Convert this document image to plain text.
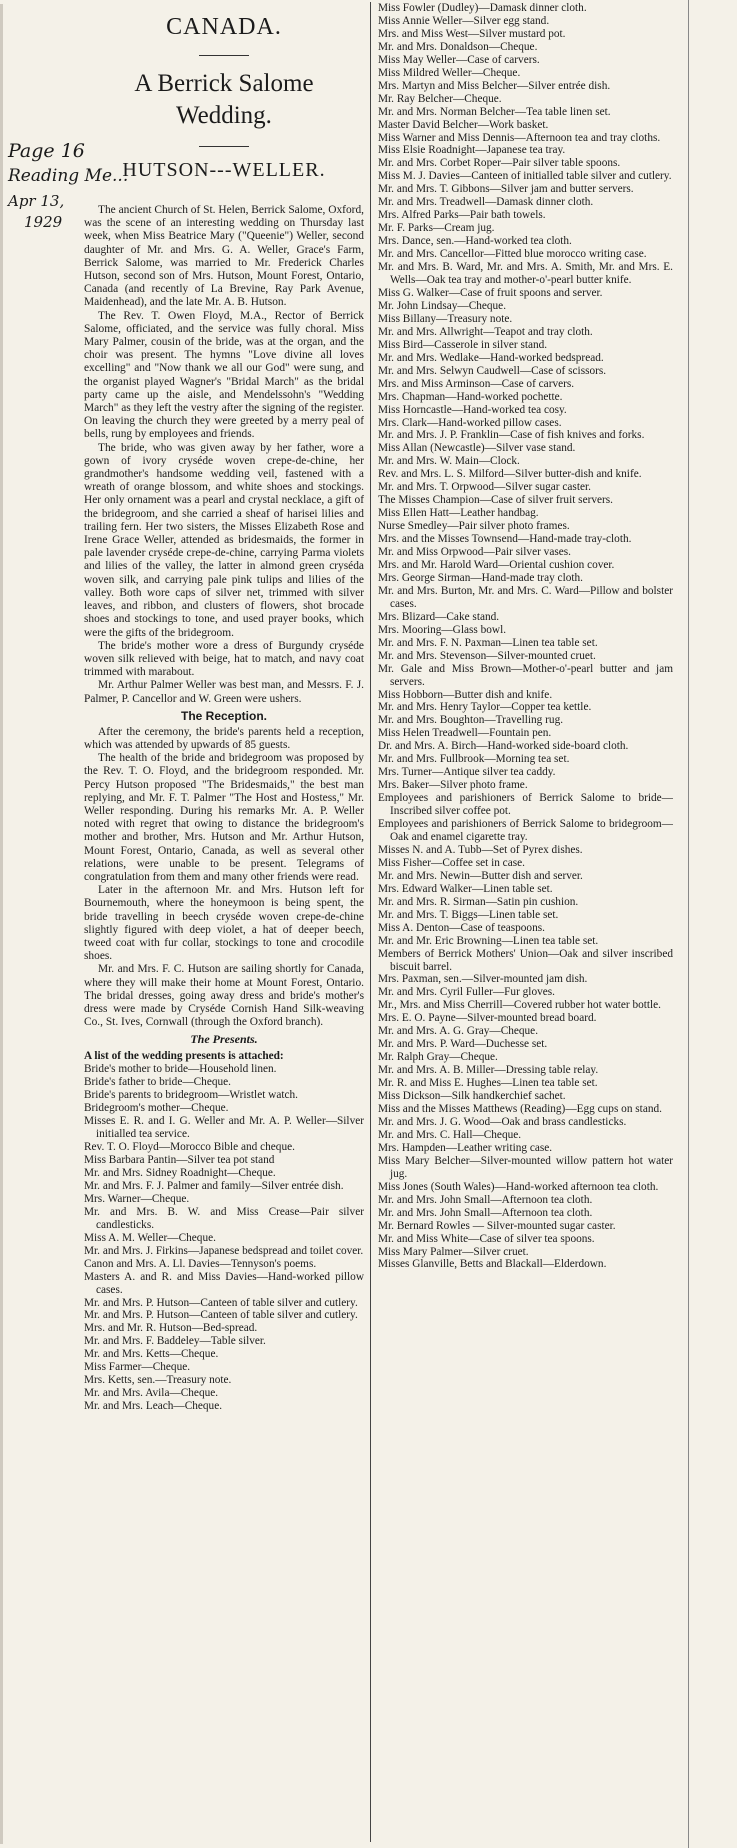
Page 16
Reading Me...
Apr 13,
1929
CANADA.
A Berrick Salome Wedding.
HUTSON---WELLER.

The ancient Church of St. Helen, Berrick Salome, Oxford, was the scene of an interesting wedding on Thursday last week, when Miss Beatrice Mary ("Queenie") Weller, second daughter of Mr. and Mrs. G. A. Weller, Grace's Farm, Berrick Salome, was married to Mr. Frederick Charles Hutson, second son of Mrs. Hutson, Mount Forest, Ontario, Canada (and recently of La Brevine, Ray Park Avenue, Maidenhead), and the late Mr. A. B. Hutson.

The Rev. T. Owen Floyd, M.A., Rector of Berrick Salome, officiated, and the service was fully choral. Miss Mary Palmer, cousin of the bride, was at the organ, and the choir was present. The hymns "Love divine all loves excelling" and "Now thank we all our God" were sung, and the organist played Wagner's "Bridal March" as the bridal party came up the aisle, and Mendelssohn's "Wedding March" as they left the vestry after the signing of the register. On leaving the church they were greeted by a merry peal of bells, rung by employees and friends.

The bride, who was given away by her father, wore a gown of ivory cryséde woven crepe-de-chine, her grandmother's handsome wedding veil, fastened with a wreath of orange blossom, and white shoes and stockings. Her only ornament was a pearl and crystal necklace, a gift of the bridegroom, and she carried a sheaf of harisei lilies and trailing fern. Her two sisters, the Misses Elizabeth Rose and Irene Grace Weller, attended as bridesmaids, the former in pale lavender cryséde crepe-de-chine, carrying Parma violets and lilies of the valley, the latter in almond green cryséda woven silk, and carrying pale pink tulips and lilies of the valley. Both wore caps of silver net, trimmed with silver leaves, and ribbon, and clusters of flowers, shot brocade shoes and stockings to tone, and used prayer books, which were the gifts of the bridegroom.

The bride's mother wore a dress of Burgundy cryséde woven silk relieved with beige, hat to match, and navy coat trimmed with marabout.

Mr. Arthur Palmer Weller was best man, and Messrs. F. J. Palmer, P. Cancellor and W. Green were ushers.

The Reception.

After the ceremony, the bride's parents held a reception, which was attended by upwards of 85 guests.

The health of the bride and bridegroom was proposed by the Rev. T. O. Floyd, and the bridegroom responded. Mr. Percy Hutson proposed "The Bridesmaids," the best man replying, and Mr. F. T. Palmer "The Host and Hostess," Mr. Weller responding. During his remarks Mr. A. P. Weller noted with regret that owing to distance the bridegroom's mother and brother, Mrs. Hutson and Mr. Arthur Hutson, Mount Forest, Ontario, Canada, as well as several other relations, were unable to be present. Telegrams of congratulation from them and many other friends were read.

Later in the afternoon Mr. and Mrs. Hutson left for Bournemouth, where the honeymoon is being spent, the bride travelling in beech cryséde woven crepe-de-chine slightly figured with deep violet, a hat of deeper beech, tweed coat with fur collar, stockings to tone and crocodile shoes.

Mr. and Mrs. F. C. Hutson are sailing shortly for Canada, where they will make their home at Mount Forest, Ontario. The bridal dresses, going away dress and bride's mother's dress were made by Cryséde Cornish Hand Silk-weaving Co., St. Ives, Cornwall (through the Oxford branch).

The Presents.

A list of the wedding presents is attached:

Bride's mother to bride—Household linen.

Bride's father to bride—Cheque.

Bride's parents to bridegroom—Wristlet watch.

Bridegroom's mother—Cheque.

Misses E. R. and I. G. Weller and Mr. A. P. Weller—Silver initialled tea service.

Rev. T. O. Floyd—Morocco Bible and cheque.

Miss Barbara Pantin—Silver tea pot stand

Mr. and Mrs. Sidney Roadnight—Cheque.

Mr. and Mrs. F. J. Palmer and family—Silver entrée dish.

Mrs. Warner—Cheque.

Mr. and Mrs. B. W. and Miss Crease—Pair silver candlesticks.

Miss A. M. Weller—Cheque.

Mr. and Mrs. J. Firkins—Japanese bedspread and toilet cover.

Canon and Mrs. A. Ll. Davies—Tennyson's poems.

Masters A. and R. and Miss Davies—Hand-worked pillow cases.

Mr. and Mrs. P. Hutson—Canteen of table silver and cutlery.

Mr. and Mrs. P. Hutson—Canteen of table silver and cutlery.

Mrs. and Mr. R. Hutson—Bed-spread.

Mr. and Mrs. F. Baddeley—Table silver.

Mr. and Mrs. Ketts—Cheque.

Miss Farmer—Cheque.

Mrs. Ketts, sen.—Treasury note.

Mr. and Mrs. Avila—Cheque.

Mr. and Mrs. Leach—Cheque.

Miss Fowler (Dudley)—Damask dinner cloth.

Miss Annie Weller—Silver egg stand.

Mrs. and Miss West—Silver mustard pot.

Mr. and Mrs. Donaldson—Cheque.

Miss May Weller—Case of carvers.

Miss Mildred Weller—Cheque.

Mrs. Martyn and Miss Belcher—Silver entrée dish.

Mr. Ray Belcher—Cheque.

Mr. and Mrs. Norman Belcher—Tea table linen set.

Master David Belcher—Work basket.

Miss Warner and Miss Dennis—Afternoon tea and tray cloths.

Miss Elsie Roadnight—Japanese tea tray.

Mr. and Mrs. Corbet Roper—Pair silver table spoons.

Miss M. J. Davies—Canteen of initialled table silver and cutlery.

Mr. and Mrs. T. Gibbons—Silver jam and butter servers.

Mr. and Mrs. Treadwell—Damask dinner cloth.

Mrs. Alfred Parks—Pair bath towels.

Mr. F. Parks—Cream jug.

Mrs. Dance, sen.—Hand-worked tea cloth.

Mr. and Mrs. Cancellor—Fitted blue morocco writing case.

Mr. and Mrs. B. Ward, Mr. and Mrs. A. Smith, Mr. and Mrs. E. Wells—Oak tea tray and mother-o'-pearl butter knife.

Miss G. Walker—Case of fruit spoons and server.

Mr. John Lindsay—Cheque.

Miss Billany—Treasury note.

Mr. and Mrs. Allwright—Teapot and tray cloth.

Miss Bird—Casserole in silver stand.

Mr. and Mrs. Wedlake—Hand-worked bedspread.

Mr. and Mrs. Selwyn Caudwell—Case of scissors.

Mrs. and Miss Arminson—Case of carvers.

Mrs. Chapman—Hand-worked pochette.

Miss Horncastle—Hand-worked tea cosy.

Mrs. Clark—Hand-worked pillow cases.

Mr. and Mrs. J. P. Franklin—Case of fish knives and forks.

Miss Allan (Newcastle)—Silver vase stand.

Mr. and Mrs. W. Main—Clock.

Rev. and Mrs. L. S. Milford—Silver butter-dish and knife.

Mr. and Mrs. T. Orpwood—Silver sugar caster.

The Misses Champion—Case of silver fruit servers.

Miss Ellen Hatt—Leather handbag.

Nurse Smedley—Pair silver photo frames.

Mrs. and the Misses Townsend—Hand-made tray-cloth.

Mr. and Miss Orpwood—Pair silver vases.

Mrs. and Mr. Harold Ward—Oriental cushion cover.

Mrs. George Sirman—Hand-made tray cloth.

Mr. and Mrs. Burton, Mr. and Mrs. C. Ward—Pillow and bolster cases.

Mrs. Blizard—Cake stand.

Mrs. Mooring—Glass bowl.

Mr. and Mrs. F. N. Paxman—Linen tea table set.

Mr. and Mrs. Stevenson—Silver-mounted cruet.

Mr. Gale and Miss Brown—Mother-o'-pearl butter and jam servers.

Miss Hobborn—Butter dish and knife.

Mr. and Mrs. Henry Taylor—Copper tea kettle.

Mr. and Mrs. Boughton—Travelling rug.

Miss Helen Treadwell—Fountain pen.

Dr. and Mrs. A. Birch—Hand-worked side-board cloth.

Mr. and Mrs. Fullbrook—Morning tea set.

Mrs. Turner—Antique silver tea caddy.

Mrs. Baker—Silver photo frame.

Employees and parishioners of Berrick Salome to bride—Inscribed silver coffee pot.

Employees and parishioners of Berrick Salome to bridegroom—Oak and enamel cigarette tray.

Misses N. and A. Tubb—Set of Pyrex dishes.

Miss Fisher—Coffee set in case.

Mr. and Mrs. Newin—Butter dish and server.

Mrs. Edward Walker—Linen table set.

Mr. and Mrs. R. Sirman—Satin pin cushion.

Mr. and Mrs. T. Biggs—Linen table set.

Miss A. Denton—Case of teaspoons.

Mr. and Mr. Eric Browning—Linen tea table set.

Members of Berrick Mothers' Union—Oak and silver inscribed biscuit barrel.

Mrs. Paxman, sen.—Silver-mounted jam dish.

Mr. and Mrs. Cyril Fuller—Fur gloves.

Mr., Mrs. and Miss Cherrill—Covered rubber hot water bottle.

Mrs. E. O. Payne—Silver-mounted bread board.

Mr. and Mrs. A. G. Gray—Cheque.

Mr. and Mrs. P. Ward—Duchesse set.

Mr. Ralph Gray—Cheque.

Mr. and Mrs. A. B. Miller—Dressing table relay.

Mr. R. and Miss E. Hughes—Linen tea table set.

Miss Dickson—Silk handkerchief sachet.

Miss and the Misses Matthews (Reading)—Egg cups on stand.

Mr. and Mrs. J. G. Wood—Oak and brass candlesticks.

Mr. and Mrs. C. Hall—Cheque.

Mrs. Hampden—Leather writing case.

Miss Mary Belcher—Silver-mounted willow pattern hot water jug.

Miss Jones (South Wales)—Hand-worked afternoon tea cloth.

Mr. and Mrs. John Small—Afternoon tea cloth.

Mr. and Mrs. John Small—Afternoon tea cloth.

Mr. Bernard Rowles — Silver-mounted sugar caster.

Mr. and Miss White—Case of silver tea spoons.

Miss Mary Palmer—Silver cruet.

Misses Glanville, Betts and Blackall—Elderdown.
